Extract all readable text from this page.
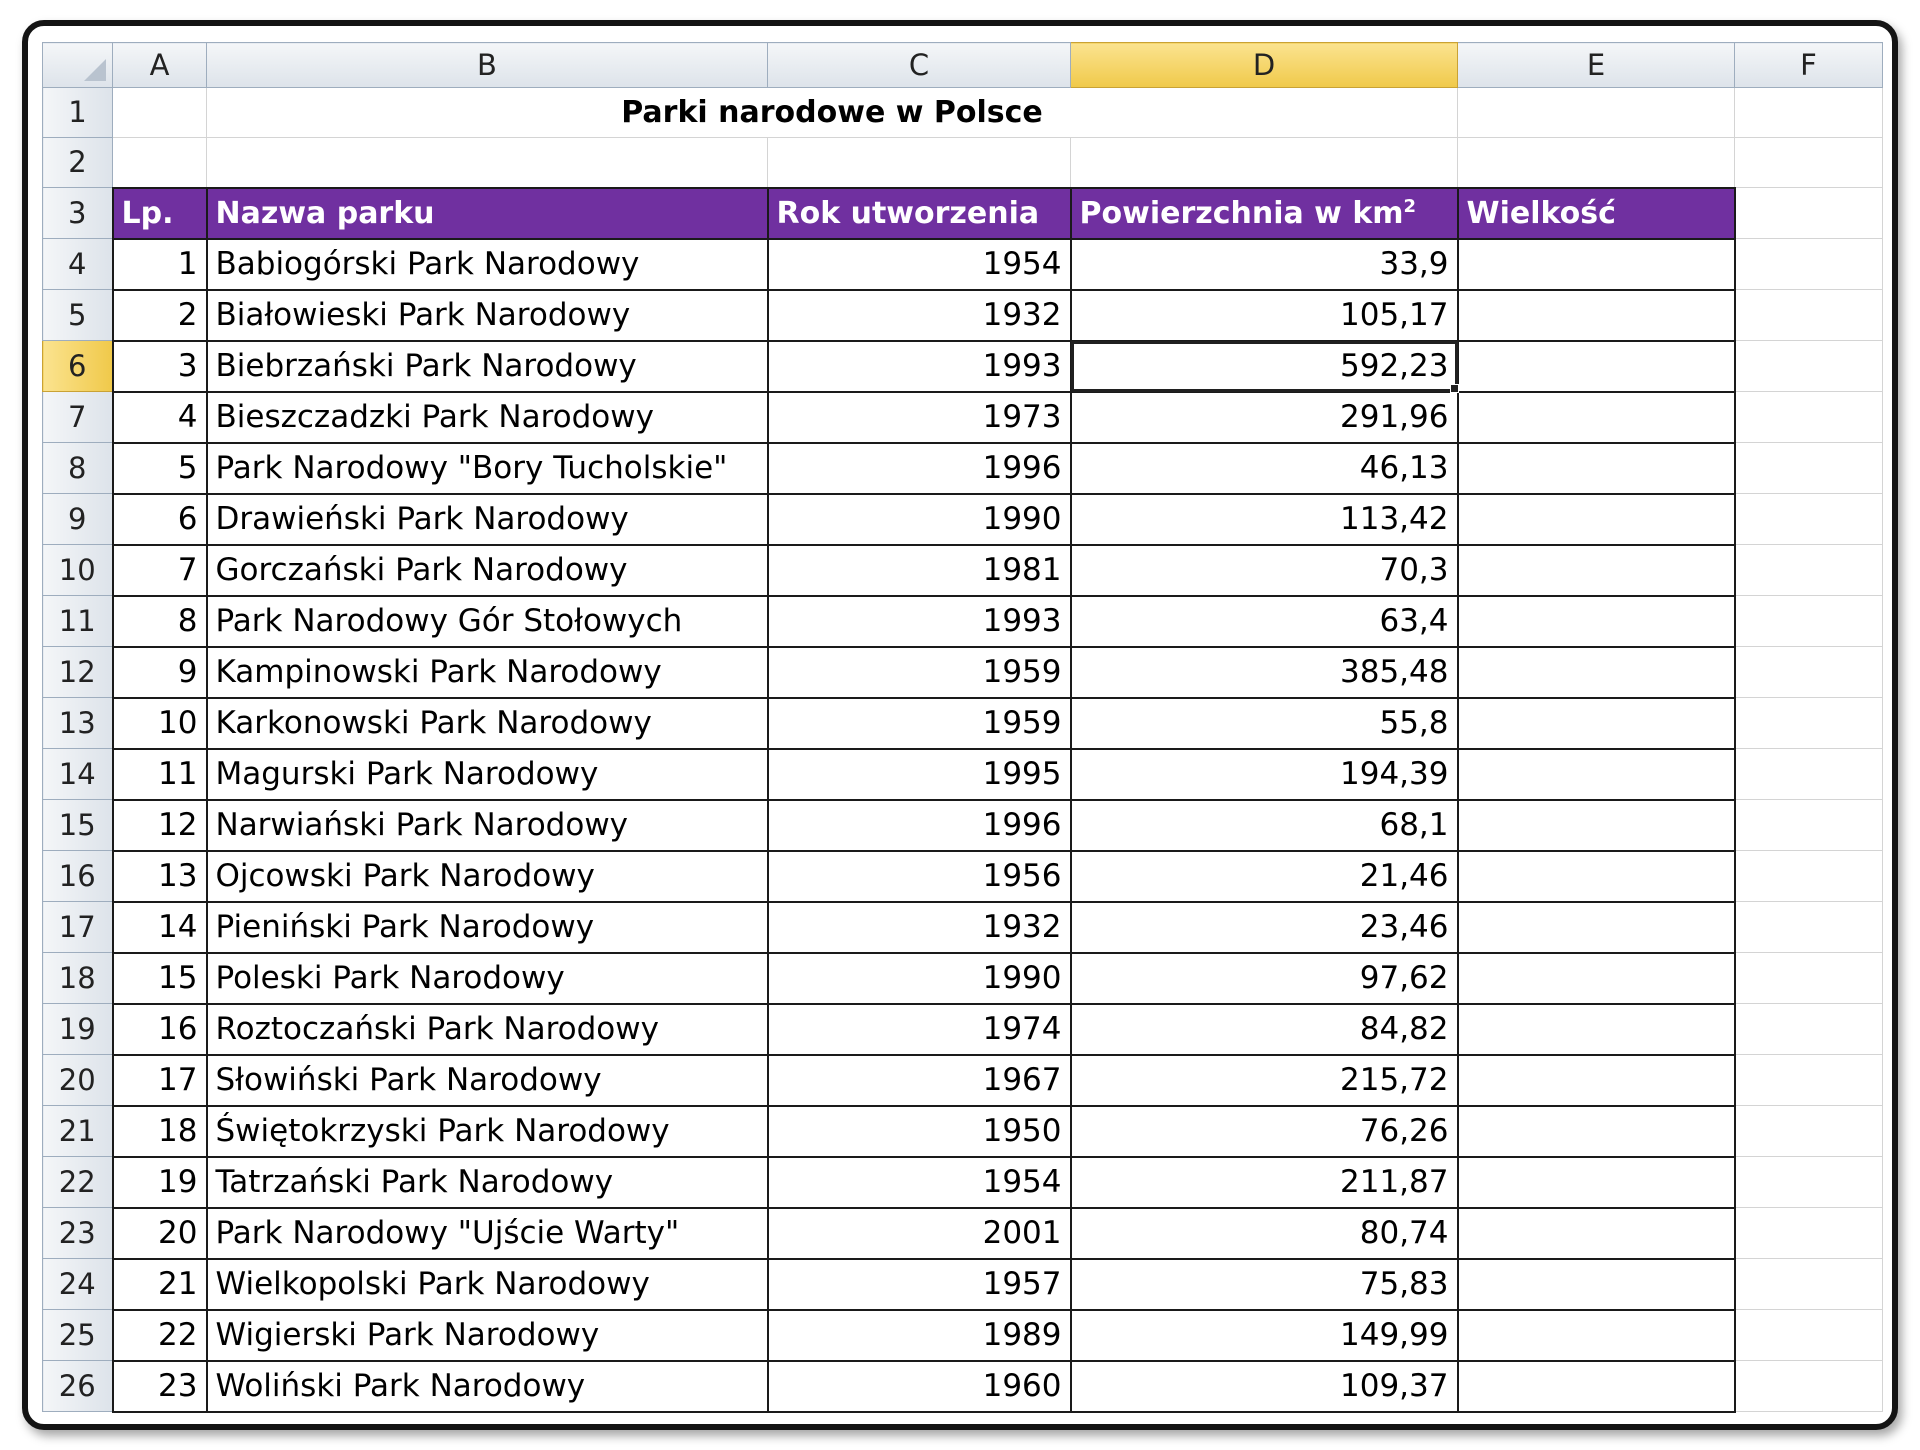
	A	B	C	D	E	F
1		Parki narodowe w Polsce				
2						
3	Lp.	Nazwa parku	Rok utworzenia	Powierzchnia w $km^2$	Wielkość	
4	1	Babiogórski Park Narodowy	1954	33,9		
5	2	Białowieski Park Narodowy	1932	105,17		
6	3	Biebrzański Park Narodowy	1993	592,23

7	4	Bieszczadzki Park Narodowy	1973	291,96		
8	5	Park Narodowy "Bory Tucholskie"	1996	46,13		
9	6	Drawieński Park Narodowy	1990	113,42		
10	7	Gorczański Park Narodowy	1981	70,3		
11	8	Park Narodowy Gór Stołowych	1993	63,4		
12	9	Kampinowski Park Narodowy	1959	385,48		
13	10	Karkonowski Park Narodowy	1959	55,8		
14	11	Magurski Park Narodowy	1995	194,39		
15	12	Narwiański Park Narodowy	1996	68,1		
16	13	Ojcowski Park Narodowy	1956	21,46		
17	14	Pieniński Park Narodowy	1932	23,46		
18	15	Poleski Park Narodowy	1990	97,62		
19	16	Roztoczański Park Narodowy	1974	84,82		
20	17	Słowiński Park Narodowy	1967	215,72		
21	18	Świętokrzyski Park Narodowy	1950	76,26		
22	19	Tatrzański Park Narodowy	1954	211,87		
23	20	Park Narodowy "Ujście Warty"	2001	80,74		
24	21	Wielkopolski Park Narodowy	1957	75,83		
25	22	Wigierski Park Narodowy	1989	149,99		
26	23	Woliński Park Narodowy	1960	109,37		
